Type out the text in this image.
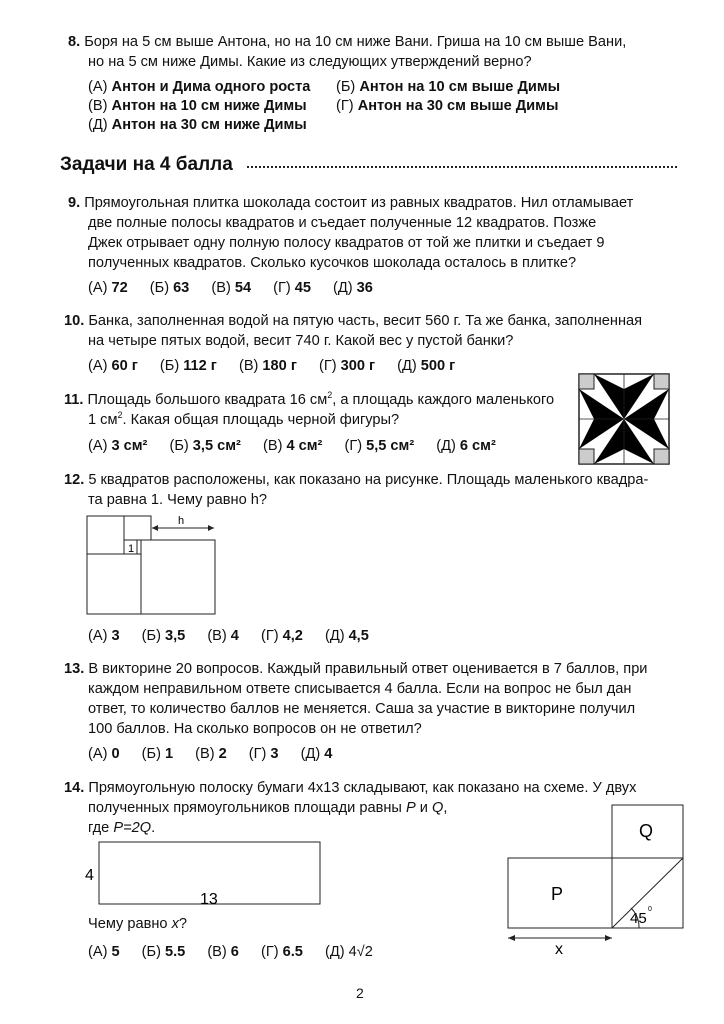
8. Боря на 5 см выше Антона, но на 10 см ниже Вани. Гриша на 10 см выше Вани,
но на 5 см ниже Димы. Какие из следующих утверждений верно?
(А) Антон и Дима одного роста (Б) Антон на 10 см выше Димы
(В) Антон на 10 см ниже Димы (Г) Антон на 30 см выше Димы
(Д) Антон на 30 см ниже Димы
Задачи на 4 балла
9. Прямоугольная плитка шоколада состоит из равных квадратов. Нил отламывает
две полные полосы квадратов и съедает полученные 12 квадратов. Позже
Джек отрывает одну полную полосу квадратов от той же плитки и съедает 9
полученных квадратов. Сколько кусочков шоколада осталось в плитке?
(А) 72 (Б) 63 (В) 54 (Г) 45 (Д) 36
10. Банка, заполненная водой на пятую часть, весит 560 г. Та же банка, заполненная
на четыре пятых водой, весит 740 г. Какой вес у пустой банки?
(А) 60 г (Б) 112 г (В) 180 г (Г) 300 г (Д) 500 г
11. Площадь большого квадрата 16 $см^2$, а площадь каждого маленького
1 $см^2$. Какая общая площадь черной фигуры?
(А) 3 см² (Б) 3,5 см² (В) 4 см² (Г) 5,5 см² (Д) 6 см²
12. 5 квадратов расположены, как показано на рисунке. Площадь маленького квадра-
та равна 1. Чему равно h?
h
1
(А) 3 (Б) 3,5 (В) 4 (Г) 4,2 (Д) 4,5
13. В викторине 20 вопросов. Каждый правильный ответ оценивается в 7 баллов, при
каждом неправильном ответе списывается 4 балла. Если на вопрос не был дан
ответ, то количество баллов не меняется. Саша за участие в викторине получил
100 баллов. На сколько вопросов он не ответил?
(А) 0 (Б) 1 (В) 2 (Г) 3 (Д) 4
14. Прямоугольную полоску бумаги 4х13 складывают, как показано на схеме. У двух
полученных прямоугольников площади равны P и Q,
где P=2Q.
4
13
Чему равно x?
(А) 5 (Б) 5.5 (В) 6 (Г) 6.5 (Д) 4√2
P
Q
45
0
x
2
